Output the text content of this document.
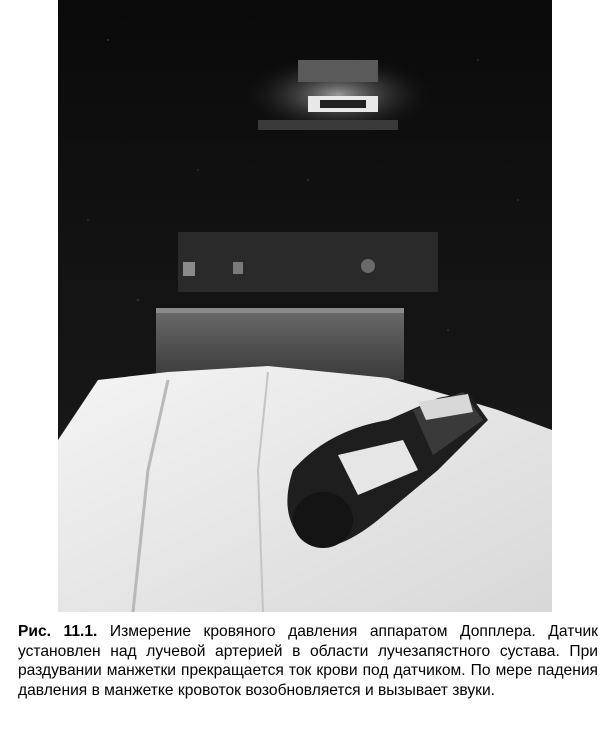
Рис. 11.1. Измерение кровяного давления аппаратом Допплера. Датчик установлен над лучевой артерией в области лучезапястного сустава. При раздувании манжетки прекращается ток крови под датчиком. По мере падения давления в манжетке кровоток возобновляется и вызывает звуки.
